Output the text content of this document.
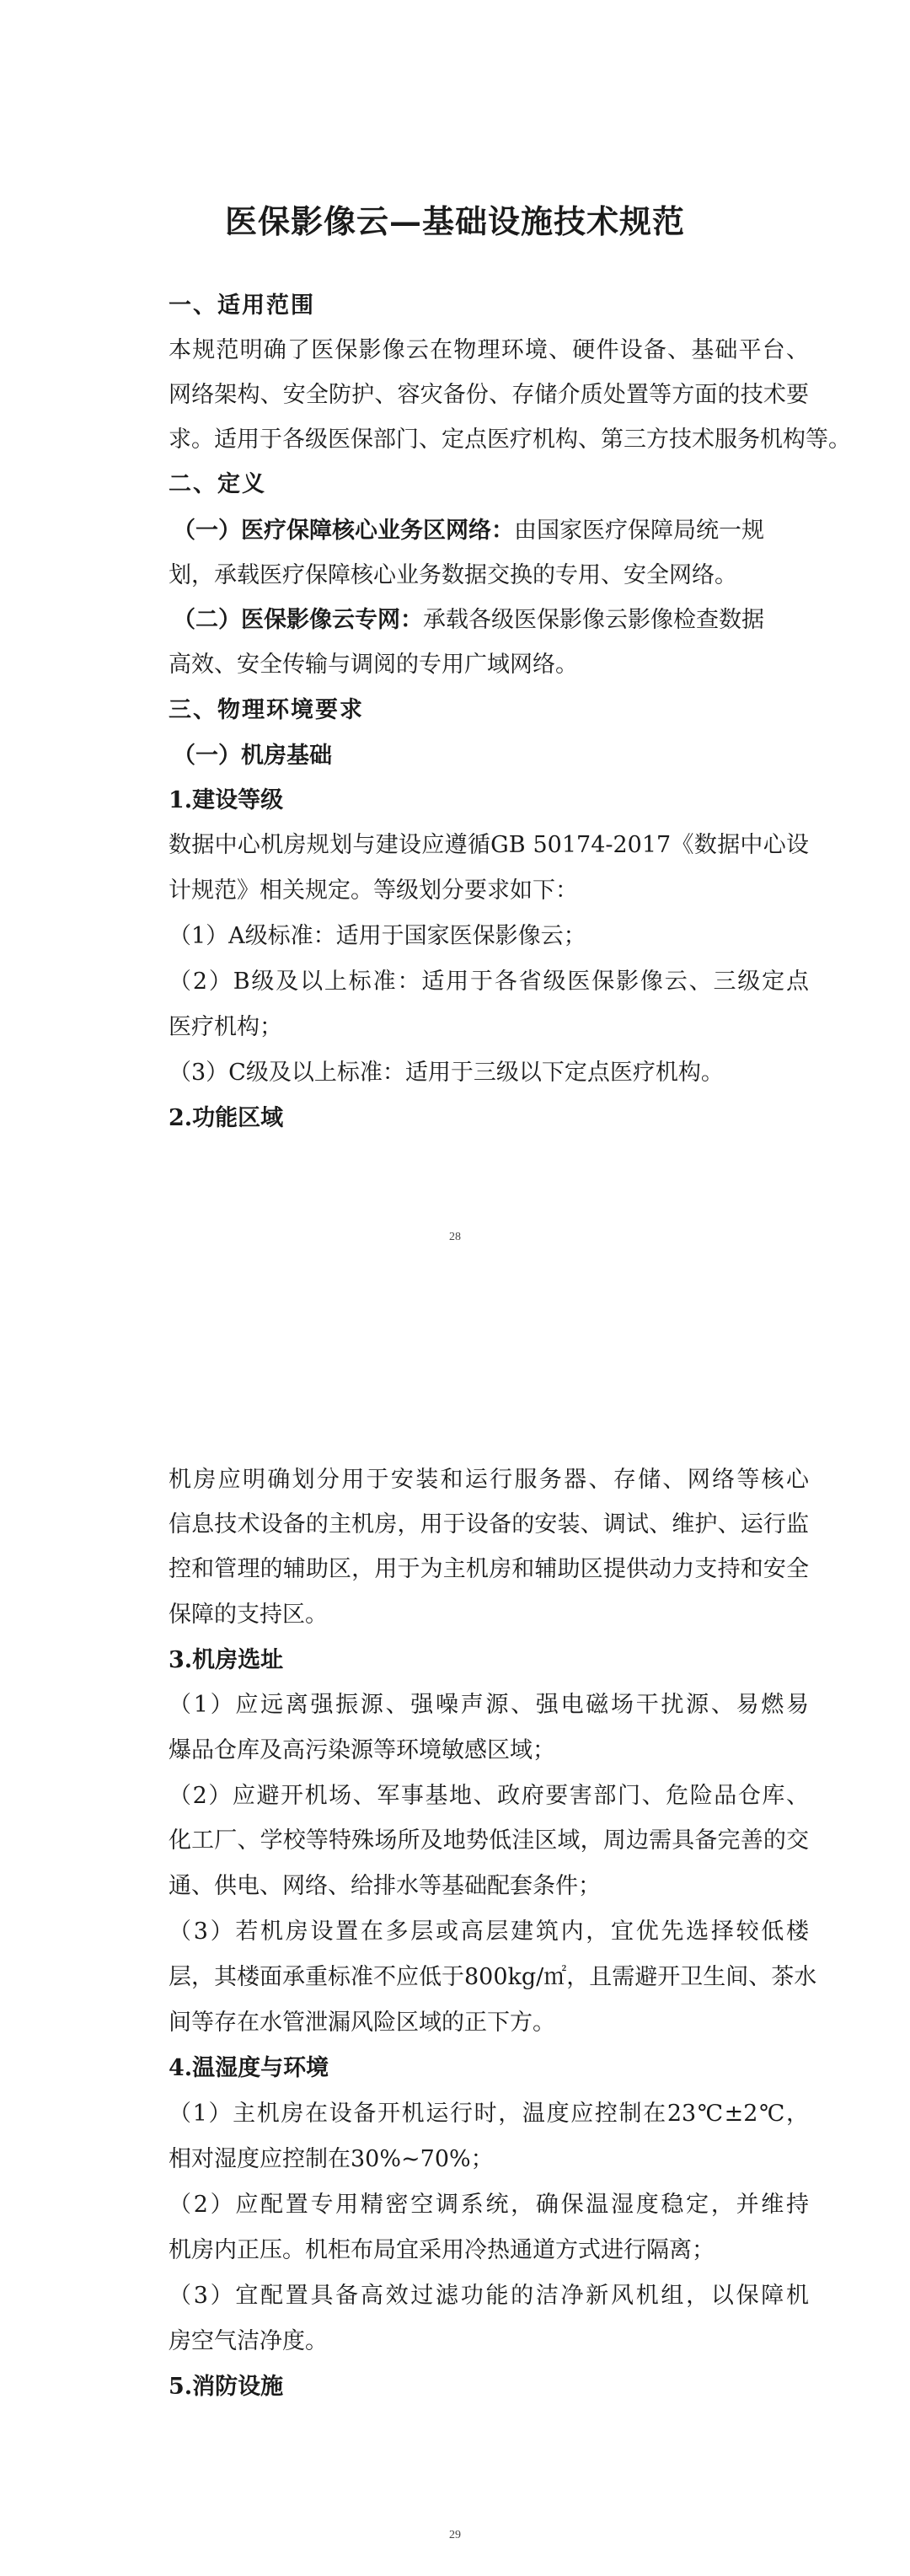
医保影像云—基础设施技术规范
一、适用范围
本规范明确了医保影像云在物理环境、硬件设备、基础平台、
网络架构、安全防护、容灾备份、存储介质处置等方面的技术要
求。适用于各级医保部门、定点医疗机构、第三方技术服务机构等。
二、定义
（一）医疗保障核心业务区网络：由国家医疗保障局统一规
划，承载医疗保障核心业务数据交换的专用、安全网络。
（二）医保影像云专网：承载各级医保影像云影像检查数据
高效、安全传输与调阅的专用广域网络。
三、物理环境要求
（一）机房基础
1.建设等级
数据中心机房规划与建设应遵循GB 50174-2017《数据中心设
计规范》相关规定。等级划分要求如下：
（1）A级标准：适用于国家医保影像云；
（2）B级及以上标准：适用于各省级医保影像云、三级定点
医疗机构；
（3）C级及以上标准：适用于三级以下定点医疗机构。
2.功能区域
28
机房应明确划分用于安装和运行服务器、存储、网络等核心
信息技术设备的主机房，用于设备的安装、调试、维护、运行监
控和管理的辅助区，用于为主机房和辅助区提供动力支持和安全
保障的支持区。
3.机房选址
（1）应远离强振源、强噪声源、强电磁场干扰源、易燃易
爆品仓库及高污染源等环境敏感区域；
（2）应避开机场、军事基地、政府要害部门、危险品仓库、
化工厂、学校等特殊场所及地势低洼区域，周边需具备完善的交
通、供电、网络、给排水等基础配套条件；
（3）若机房设置在多层或高层建筑内，宜优先选择较低楼
层，其楼面承重标准不应低于800kg/㎡，且需避开卫生间、茶水
间等存在水管泄漏风险区域的正下方。
4.温湿度与环境
（1）主机房在设备开机运行时，温度应控制在23℃±2℃，
相对湿度应控制在30%~70%；
（2）应配置专用精密空调系统，确保温湿度稳定，并维持
机房内正压。机柜布局宜采用冷热通道方式进行隔离；
（3）宜配置具备高效过滤功能的洁净新风机组，以保障机
房空气洁净度。
5.消防设施
29
